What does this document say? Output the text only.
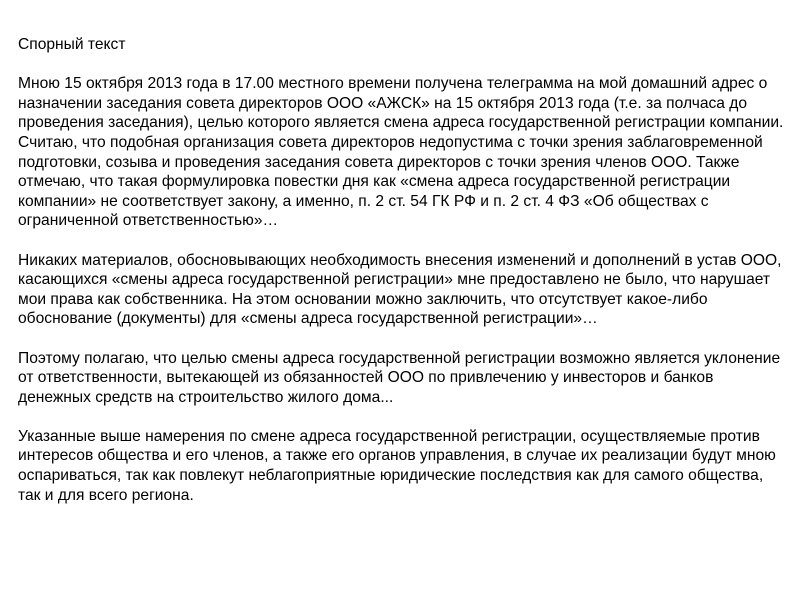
Спорный текст

Мною 15 октября 2013 года в 17.00 местного времени получена телеграмма на мой домашний адрес о назначении заседания совета директоров ООО «АЖСК» на 15 октября 2013 года (т.е. за полчаса до проведения заседания), целью которого является смена адреса государственной регистрации компании. Считаю, что подобная организация совета директоров недопустима с точки зрения заблаговременной подготовки, созыва и проведения заседания совета директоров с точки зрения членов ООО. Также отмечаю, что такая формулировка повестки дня как «смена адреса государственной регистрации компании» не соответствует закону, а именно, п. 2 ст. 54 ГК РФ и п. 2 ст. 4 ФЗ «Об обществах с ограниченной ответственностью»…

Никаких материалов, обосновывающих необходимость внесения изменений и дополнений в устав ООО, касающихся «смены адреса государственной регистрации» мне предоставлено не было, что нарушает мои права как собственника. На этом основании можно заключить, что отсутствует какое-либо обоснование (документы) для «смены адреса государственной регистрации»…

Поэтому полагаю, что целью смены адреса государственной регистрации возможно является уклонение от ответственности, вытекающей из обязанностей ООО по привлечению у инвесторов и банков денежных средств на строительство жилого дома...

Указанные выше намерения по смене адреса государственной регистрации, осуществляемые против интересов общества и его членов, а также его органов управления, в случае их реализации будут мною оспариваться, так как повлекут неблагоприятные юридические последствия как для самого общества, так и для всего региона.
